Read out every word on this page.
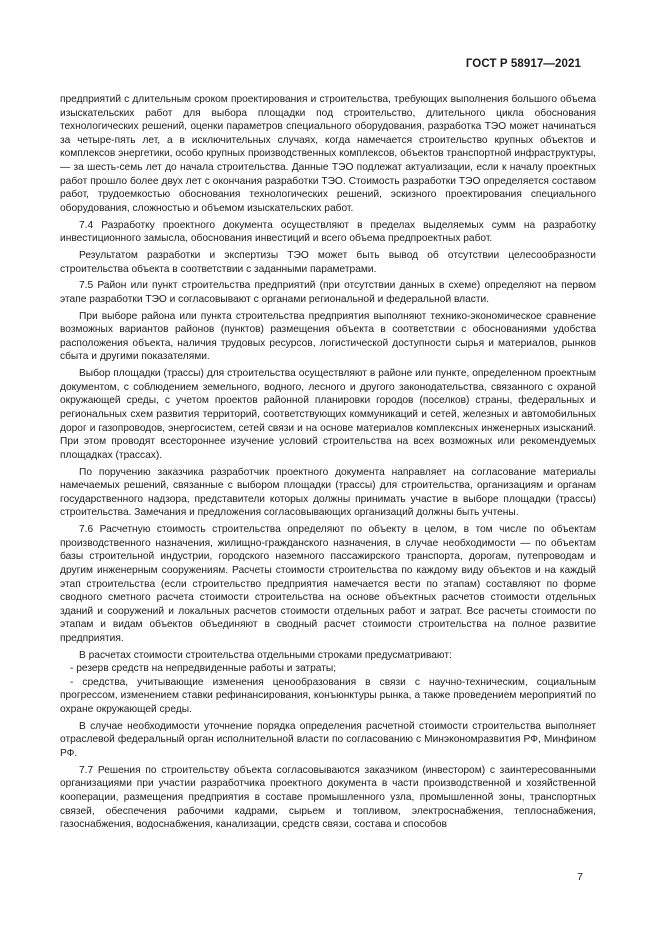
ГОСТ Р 58917—2021

предприятий с длительным сроком проектирования и строительства, требующих выполнения большого объема изыскательских работ для выбора площадки под строительство, длительного цикла обоснования технологических решений, оценки параметров специального оборудования, разработка ТЭО может начинаться за четыре-пять лет, а в исключительных случаях, когда намечается строительство крупных объектов и комплексов энергетики, особо крупных производственных комплексов, объектов транспортной инфраструктуры, — за шесть-семь лет до начала строительства. Данные ТЭО подлежат актуализации, если к началу проектных работ прошло более двух лет с окончания разработки ТЭО. Стоимость разработки ТЭО определяется составом работ, трудоемкостью обоснования технологических решений, эскизного проектирования специального оборудования, сложностью и объемом изыскательских работ.

7.4 Разработку проектного документа осуществляют в пределах выделяемых сумм на разработку инвестиционного замысла, обоснования инвестиций и всего объема предпроектных работ.

Результатом разработки и экспертизы ТЭО может быть вывод об отсутствии целесообразности строительства объекта в соответствии с заданными параметрами.

7.5 Район или пункт строительства предприятий (при отсутствии данных в схеме) определяют на первом этапе разработки ТЭО и согласовывают с органами региональной и федеральной власти.

При выборе района или пункта строительства предприятия выполняют технико-экономическое сравнение возможных вариантов районов (пунктов) размещения объекта в соответствии с обоснованиями удобства расположения объекта, наличия трудовых ресурсов, логистической доступности сырья и материалов, рынков сбыта и другими показателями.

Выбор площадки (трассы) для строительства осуществляют в районе или пункте, определенном проектным документом, с соблюдением земельного, водного, лесного и другого законодательства, связанного с охраной окружающей среды, с учетом проектов районной планировки городов (поселков) страны, федеральных и региональных схем развития территорий, соответствующих коммуникаций и сетей, железных и автомобильных дорог и газопроводов, энергосистем, сетей связи и на основе материалов комплексных инженерных изысканий. При этом проводят всестороннее изучение условий строительства на всех возможных или рекомендуемых площадках (трассах).

По поручению заказчика разработчик проектного документа направляет на согласование материалы намечаемых решений, связанные с выбором площадки (трассы) для строительства, организациям и органам государственного надзора, представители которых должны принимать участие в выборе площадки (трассы) строительства. Замечания и предложения согласовывающих организаций должны быть учтены.

7.6 Расчетную стоимость строительства определяют по объекту в целом, в том числе по объектам производственного назначения, жилищно-гражданского назначения, в случае необходимости — по объектам базы строительной индустрии, городского наземного пассажирского транспорта, дорогам, путепроводам и другим инженерным сооружениям. Расчеты стоимости строительства по каждому виду объектов и на каждый этап строительства (если строительство предприятия намечается вести по этапам) составляют по форме сводного сметного расчета стоимости строительства на основе объектных расчетов стоимости отдельных зданий и сооружений и локальных расчетов стоимости отдельных работ и затрат. Все расчеты стоимости по этапам и видам объектов объединяют в сводный расчет стоимости строительства на полное развитие предприятия.

В расчетах стоимости строительства отдельными строками предусматривают:

- резерв средств на непредвиденные работы и затраты;

- средства, учитывающие изменения ценообразования в связи с научно-техническим, социальным прогрессом, изменением ставки рефинансирования, конъюнктуры рынка, а также проведением мероприятий по охране окружающей среды.

В случае необходимости уточнение порядка определения расчетной стоимости строительства выполняет отраслевой федеральный орган исполнительной власти по согласованию с Минэкономразвития РФ, Минфином РФ.

7.7 Решения по строительству объекта согласовываются заказчиком (инвестором) с заинтересованными организациями при участии разработчика проектного документа в части производственной и хозяйственной кооперации, размещения предприятия в составе промышленного узла, промышленной зоны, транспортных связей, обеспечения рабочими кадрами, сырьем и топливом, электроснабжения, теплоснабжения, газоснабжения, водоснабжения, канализации, средств связи, состава и способов

7
